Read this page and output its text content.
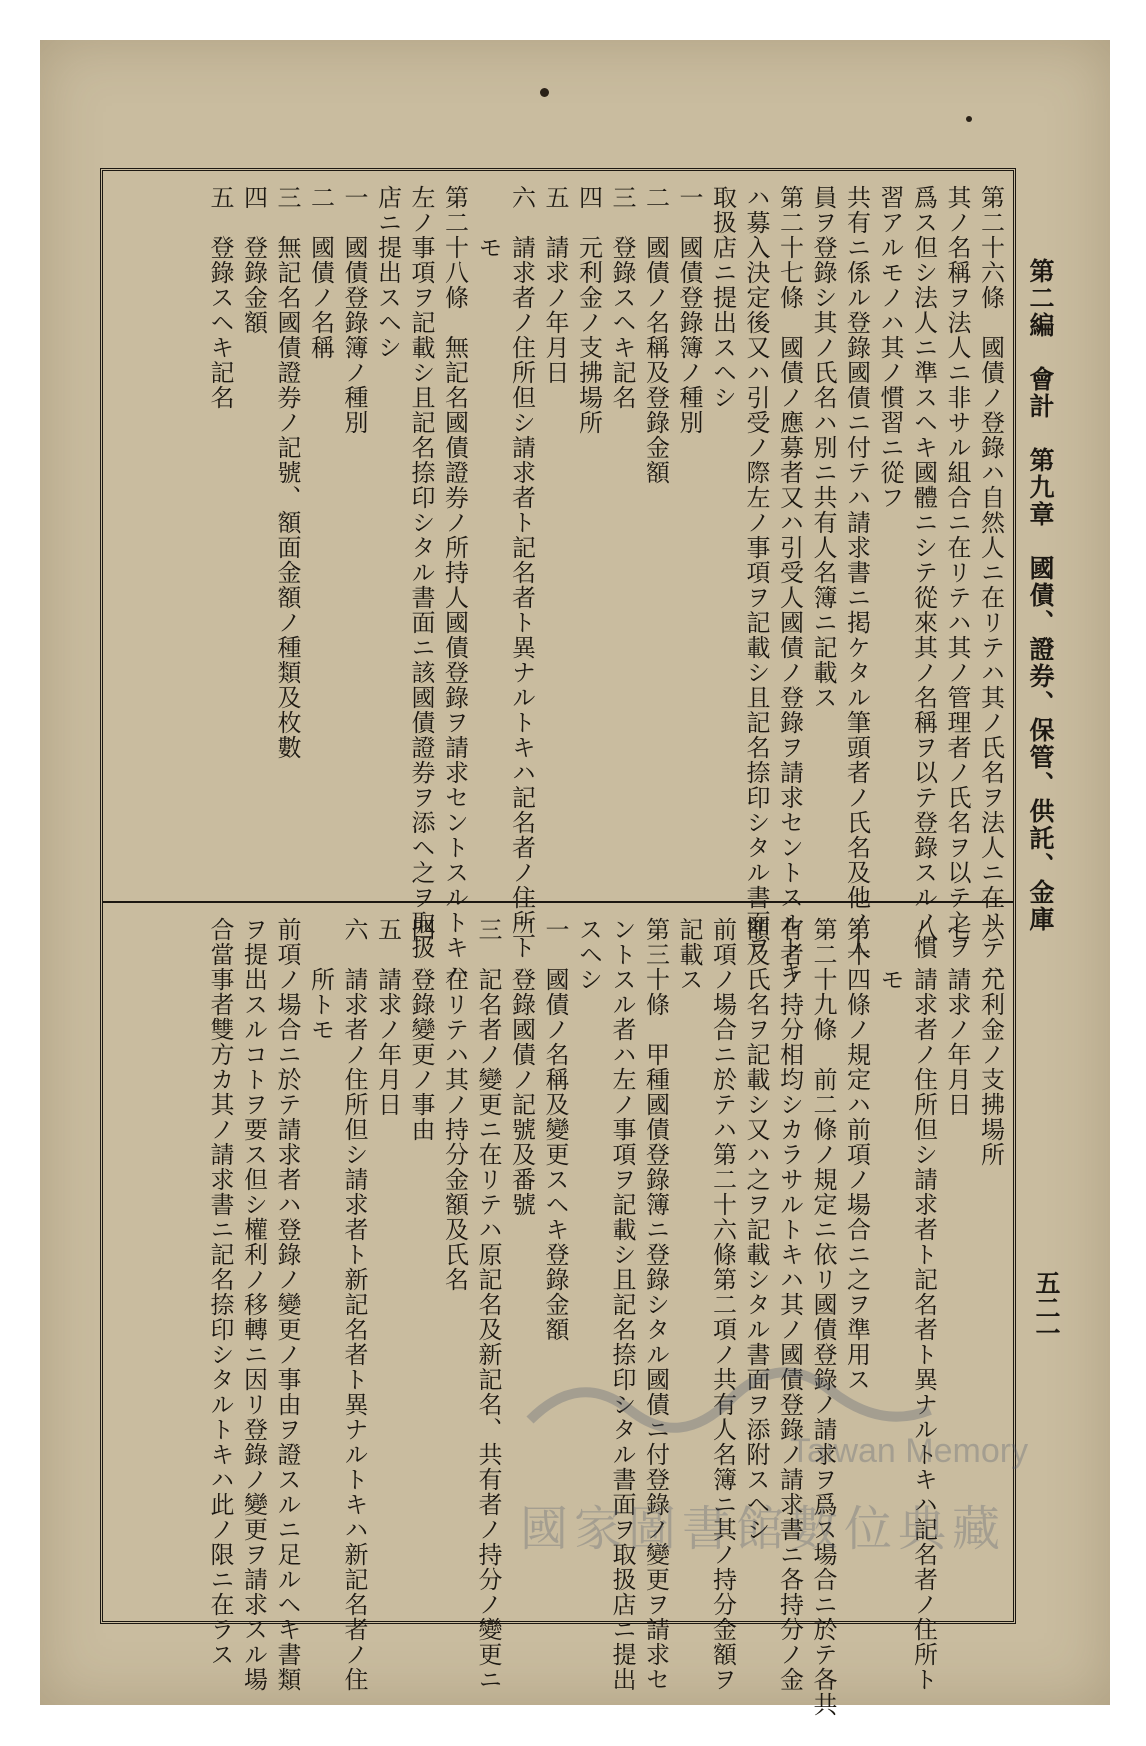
第二編　會計　第九章　國債、證券、保管、供託、金庫
五二一
第二十六條　國債ノ登錄ハ自然人ニ在リテハ其ノ氏名ヲ法人ニ在リテハ
其ノ名稱ヲ法人ニ非サル組合ニ在リテハ其ノ管理者ノ氏名ヲ以テ之ヲ
爲ス但シ法人ニ準スヘキ國體ニシテ從來其ノ名稱ヲ以テ登錄スルノ慣
習アルモノハ其ノ慣習ニ從フ
共有ニ係ル登錄國債ニ付テハ請求書ニ掲ケタル筆頭者ノ氏名及他ノ人
員ヲ登錄シ其ノ氏名ハ別ニ共有人名簿ニ記載ス
第二十七條　國債ノ應募者又ハ引受人國債ノ登錄ヲ請求セントスルトキ
ハ募入決定後又ハ引受ノ際左ノ事項ヲ記載シ且記名捺印シタル書面ヲ
取扱店ニ提出スヘシ
一　國債登錄簿ノ種別
二　國債ノ名稱及登錄金額
三　登錄スヘキ記名
四　元利金ノ支拂場所
五　請求ノ年月日
六　請求者ノ住所但シ請求者ト記名者ト異ナルトキハ記名者ノ住所ト
　　モ
第二十八條　無記名國債證券ノ所持人國債登錄ヲ請求セントスルトキハ
左ノ事項ヲ記載シ且記名捺印シタル書面ニ該國債證券ヲ添ヘ之ヲ取扱
店ニ提出スヘシ
一　國債登錄簿ノ種別
二　國債ノ名稱
三　無記名國債證券ノ記號、額面金額ノ種類及枚數
四　登錄金額
五　登錄スヘキ記名
六　元利金ノ支拂場所
七　請求ノ年月日
八　請求者ノ住所但シ請求者ト記名者ト異ナルトキハ記名者ノ住所ト
　　モ
第十四條ノ規定ハ前項ノ場合ニ之ヲ準用ス
第二十九條　前二條ノ規定ニ依リ國債登錄ノ請求ヲ爲ス場合ニ於テ各共
有者ノ持分相均シカラサルトキハ其ノ國債登錄ノ請求書ニ各持分ノ金
額及氏名ヲ記載シ又ハ之ヲ記載シタル書面ヲ添附スヘシ
前項ノ場合ニ於テハ第二十六條第二項ノ共有人名簿ニ其ノ持分金額ヲ
記載ス
第三十條　甲種國債登錄簿ニ登錄シタル國債ニ付登錄ノ變更ヲ請求セ
ントスル者ハ左ノ事項ヲ記載シ且記名捺印シタル書面ヲ取扱店ニ提出
スヘシ
一　國債ノ名稱及變更スヘキ登錄金額
二　登錄國債ノ記號及番號
三　記名者ノ變更ニ在リテハ原記名及新記名、共有者ノ持分ノ變更ニ
　　在リテハ其ノ持分金額及氏名
四　登錄變更ノ事由
五　請求ノ年月日
六　請求者ノ住所但シ請求者ト新記名者ト異ナルトキハ新記名者ノ住
　　所トモ
前項ノ場合ニ於テ請求者ハ登錄ノ變更ノ事由ヲ證スルニ足ルヘキ書類
ヲ提出スルコトヲ要ス但シ權利ノ移轉ニ因リ登錄ノ變更ヲ請求スル場
合當事者雙方カ其ノ請求書ニ記名捺印シタルトキハ此ノ限ニ在ラス	Taiwan Memory
國家圖書館數位典藏
